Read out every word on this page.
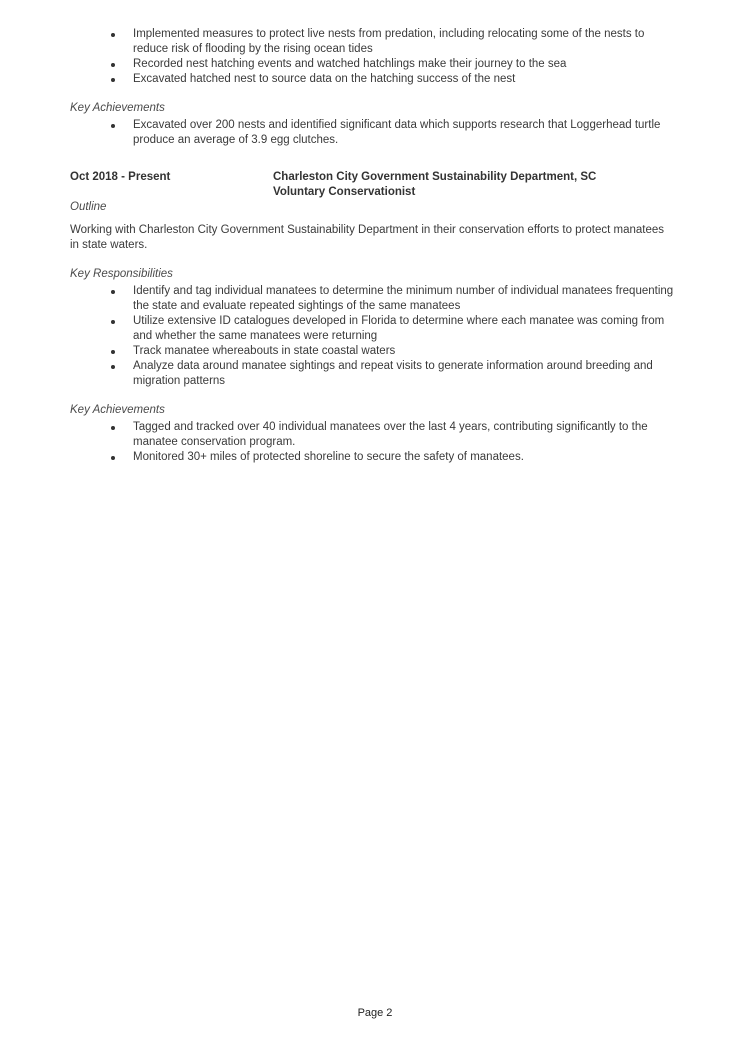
Implemented measures to protect live nests from predation, including relocating some of the nests to reduce risk of flooding by the rising ocean tides
Recorded nest hatching events and watched hatchlings make their journey to the sea
Excavated hatched nest to source data on the hatching success of the nest

Key Achievements

Excavated over 200 nests and identified significant data which supports research that Loggerhead turtle produce an average of 3.9 egg clutches.
Oct 2018 - Present	Charleston City Government Sustainability Department, SC
Voluntary Conservationist

Outline

Working with Charleston City Government Sustainability Department in their conservation efforts to protect manatees in state waters.

Key Responsibilities

Identify and tag individual manatees to determine the minimum number of individual manatees frequenting the state and evaluate repeated sightings of the same manatees
Utilize extensive ID catalogues developed in Florida to determine where each manatee was coming from and whether the same manatees were returning
Track manatee whereabouts in state coastal waters
Analyze data around manatee sightings and repeat visits to generate information around breeding and migration patterns

Key Achievements

Tagged and tracked over 40 individual manatees over the last 4 years, contributing significantly to the manatee conservation program.
Monitored 30+ miles of protected shoreline to secure the safety of manatees.
Page 2
